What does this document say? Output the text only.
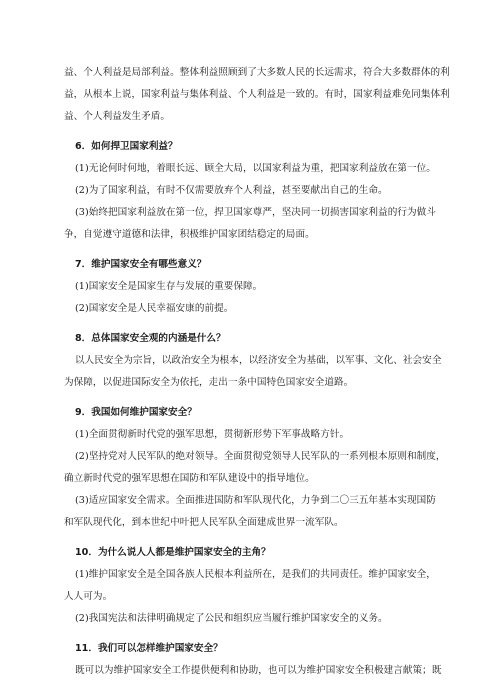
益、个人利益是局部利益。整体利益照顾到了大多数人民的长远需求，符合大多数群体的利
益，从根本上说，国家利益与集体利益、个人利益是一致的。有时，国家利益难免同集体利
益、个人利益发生矛盾。
6．如何捍卫国家利益？
(1)无论何时何地，着眼长远、顾全大局，以国家利益为重，把国家利益放在第一位。
(2)为了国家利益，有时不仅需要放弃个人利益，甚至要献出自己的生命。
(3)始终把国家利益放在第一位，捍卫国家尊严，坚决同一切损害国家利益的行为做斗
争，自觉遵守道德和法律，积极维护国家团结稳定的局面。
7．维护国家安全有哪些意义？
(1)国家安全是国家生存与发展的重要保障。
(2)国家安全是人民幸福安康的前提。
8．总体国家安全观的内涵是什么？
以人民安全为宗旨，以政治安全为根本，以经济安全为基础，以军事、文化、社会安全
为保障，以促进国际安全为依托，走出一条中国特色国家安全道路。
9．我国如何维护国家安全？
(1)全面贯彻新时代党的强军思想，贯彻新形势下军事战略方针。
(2)坚持党对人民军队的绝对领导。全面贯彻党领导人民军队的一系列根本原则和制度，
确立新时代党的强军思想在国防和军队建设中的指导地位。
(3)适应国家安全需求。全面推进国防和军队现代化，力争到二〇三五年基本实现国防
和军队现代化，到本世纪中叶把人民军队全面建成世界一流军队。
10．为什么说人人都是维护国家安全的主角？
(1)维护国家安全是全国各族人民根本利益所在，是我们的共同责任。维护国家安全，
人人可为。
(2)我国宪法和法律明确规定了公民和组织应当履行维护国家安全的义务。
11．我们可以怎样维护国家安全？
既可以为维护国家安全工作提供便利和协助，也可以为维护国家安全积极建言献策；既
